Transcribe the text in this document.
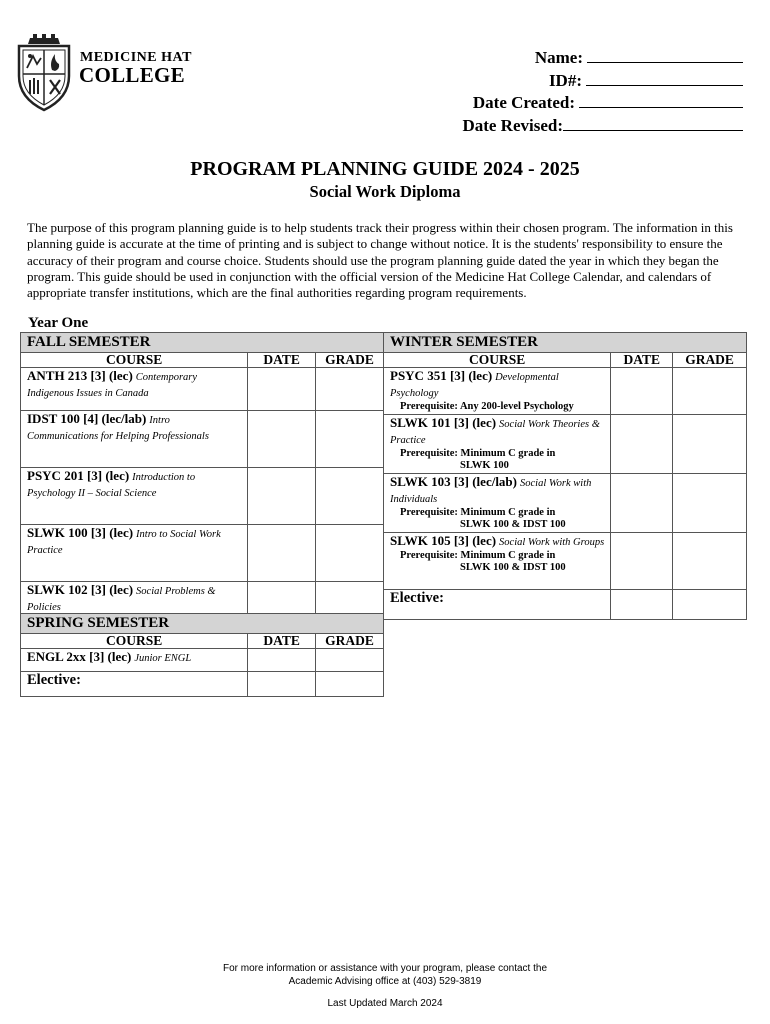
MEDICINE HAT
COLLEGE
Name:
ID#:
Date Created:
Date Revised:
PROGRAM PLANNING GUIDE 2024 - 2025
Social Work Diploma
The purpose of this program planning guide is to help students track their progress within their chosen program. The information in this planning guide is accurate at the time of printing and is subject to change without notice. It is the students' responsibility to ensure the accuracy of their program and course choice. Students should use the program planning guide dated the year in which they began the program. This guide should be used in conjunction with the official version of the Medicine Hat College Calendar, and calendars of appropriate transfer institutions, which are the final authorities regarding program requirements.
Year One
FALL SEMESTER		
COURSE	DATE	GRADE
ANTH 213 [3] (lec) Contemporary Indigenous Issues in Canada		
IDST 100 [4] (lec/lab) Intro Communications for Helping Professionals		
PSYC 201 [3] (lec) Introduction to Psychology II – Social Science		
SLWK 100 [3] (lec) Intro to Social Work Practice		
SLWK 102 [3] (lec) Social Problems & Policies		
WINTER SEMESTER		
COURSE	DATE	GRADE
PSYC 351 [3] (lec) Developmental Psychology
Prerequisite: Any 200-level Psychology		

SLWK 101 [3] (lec) Social Work Theories & Practice
Prerequisite: Minimum C grade in
SLWK 100		

SLWK 103 [3] (lec/lab) Social Work with Individuals
Prerequisite: Minimum C grade in
SLWK 100 & IDST 100		

SLWK 105 [3] (lec) Social Work with Groups
Prerequisite: Minimum C grade in
SLWK 100 & IDST 100		

Elective:		
SPRING SEMESTER		
COURSE	DATE	GRADE
ENGL 2xx [3] (lec) Junior ENGL		
Elective:		
For more information or assistance with your program, please contact the
Academic Advising office at (403) 529-3819
Last Updated March 2024
